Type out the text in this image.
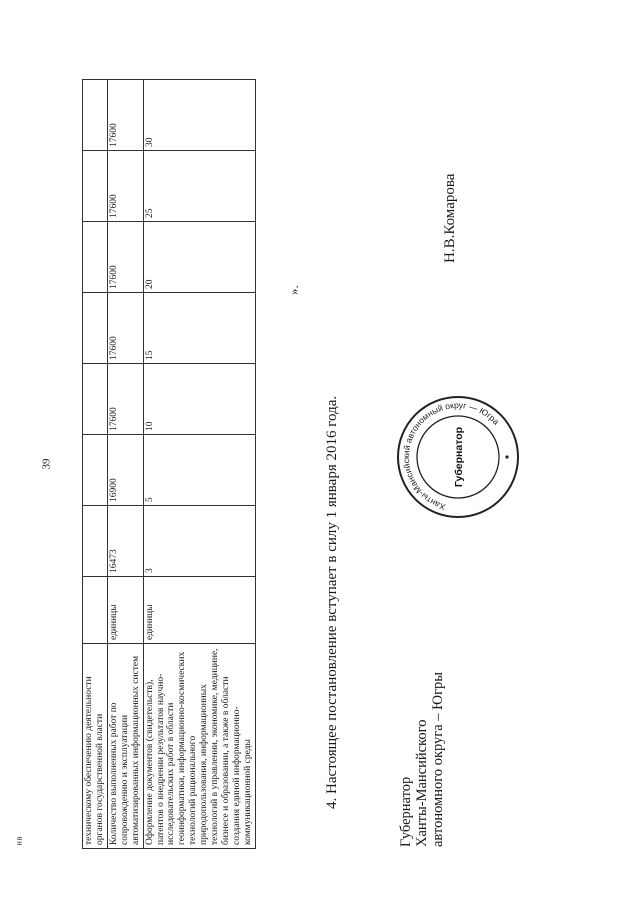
39
нв	техническому обеспечению деятельности органов государственной власти								
Количество выполненных работ по сопровождению и эксплуатации автоматизированных информационных систем	единицы	16473	16900	17600	17600	17600	17600	17600
Оформление документов (свидетельств), патентов о внедрении результатов научно-исследовательских работ в области геоинформатики, информационно-космических технологий рационального природопользования, информационных технологий в управлении, экономике, медицине, бизнесе и образовании, а также в области создания единой информационно-коммуникационной среды	единицы	3	5	10	15	20	25	30
».
4. Настоящее постановление вступает в силу 1 января 2016 года.
Губернатор Ханты-Мансийского автономного округа – Югры
Ханты-Мансийский автономный округ — Югра
Губернатор
Н.В.Комарова
